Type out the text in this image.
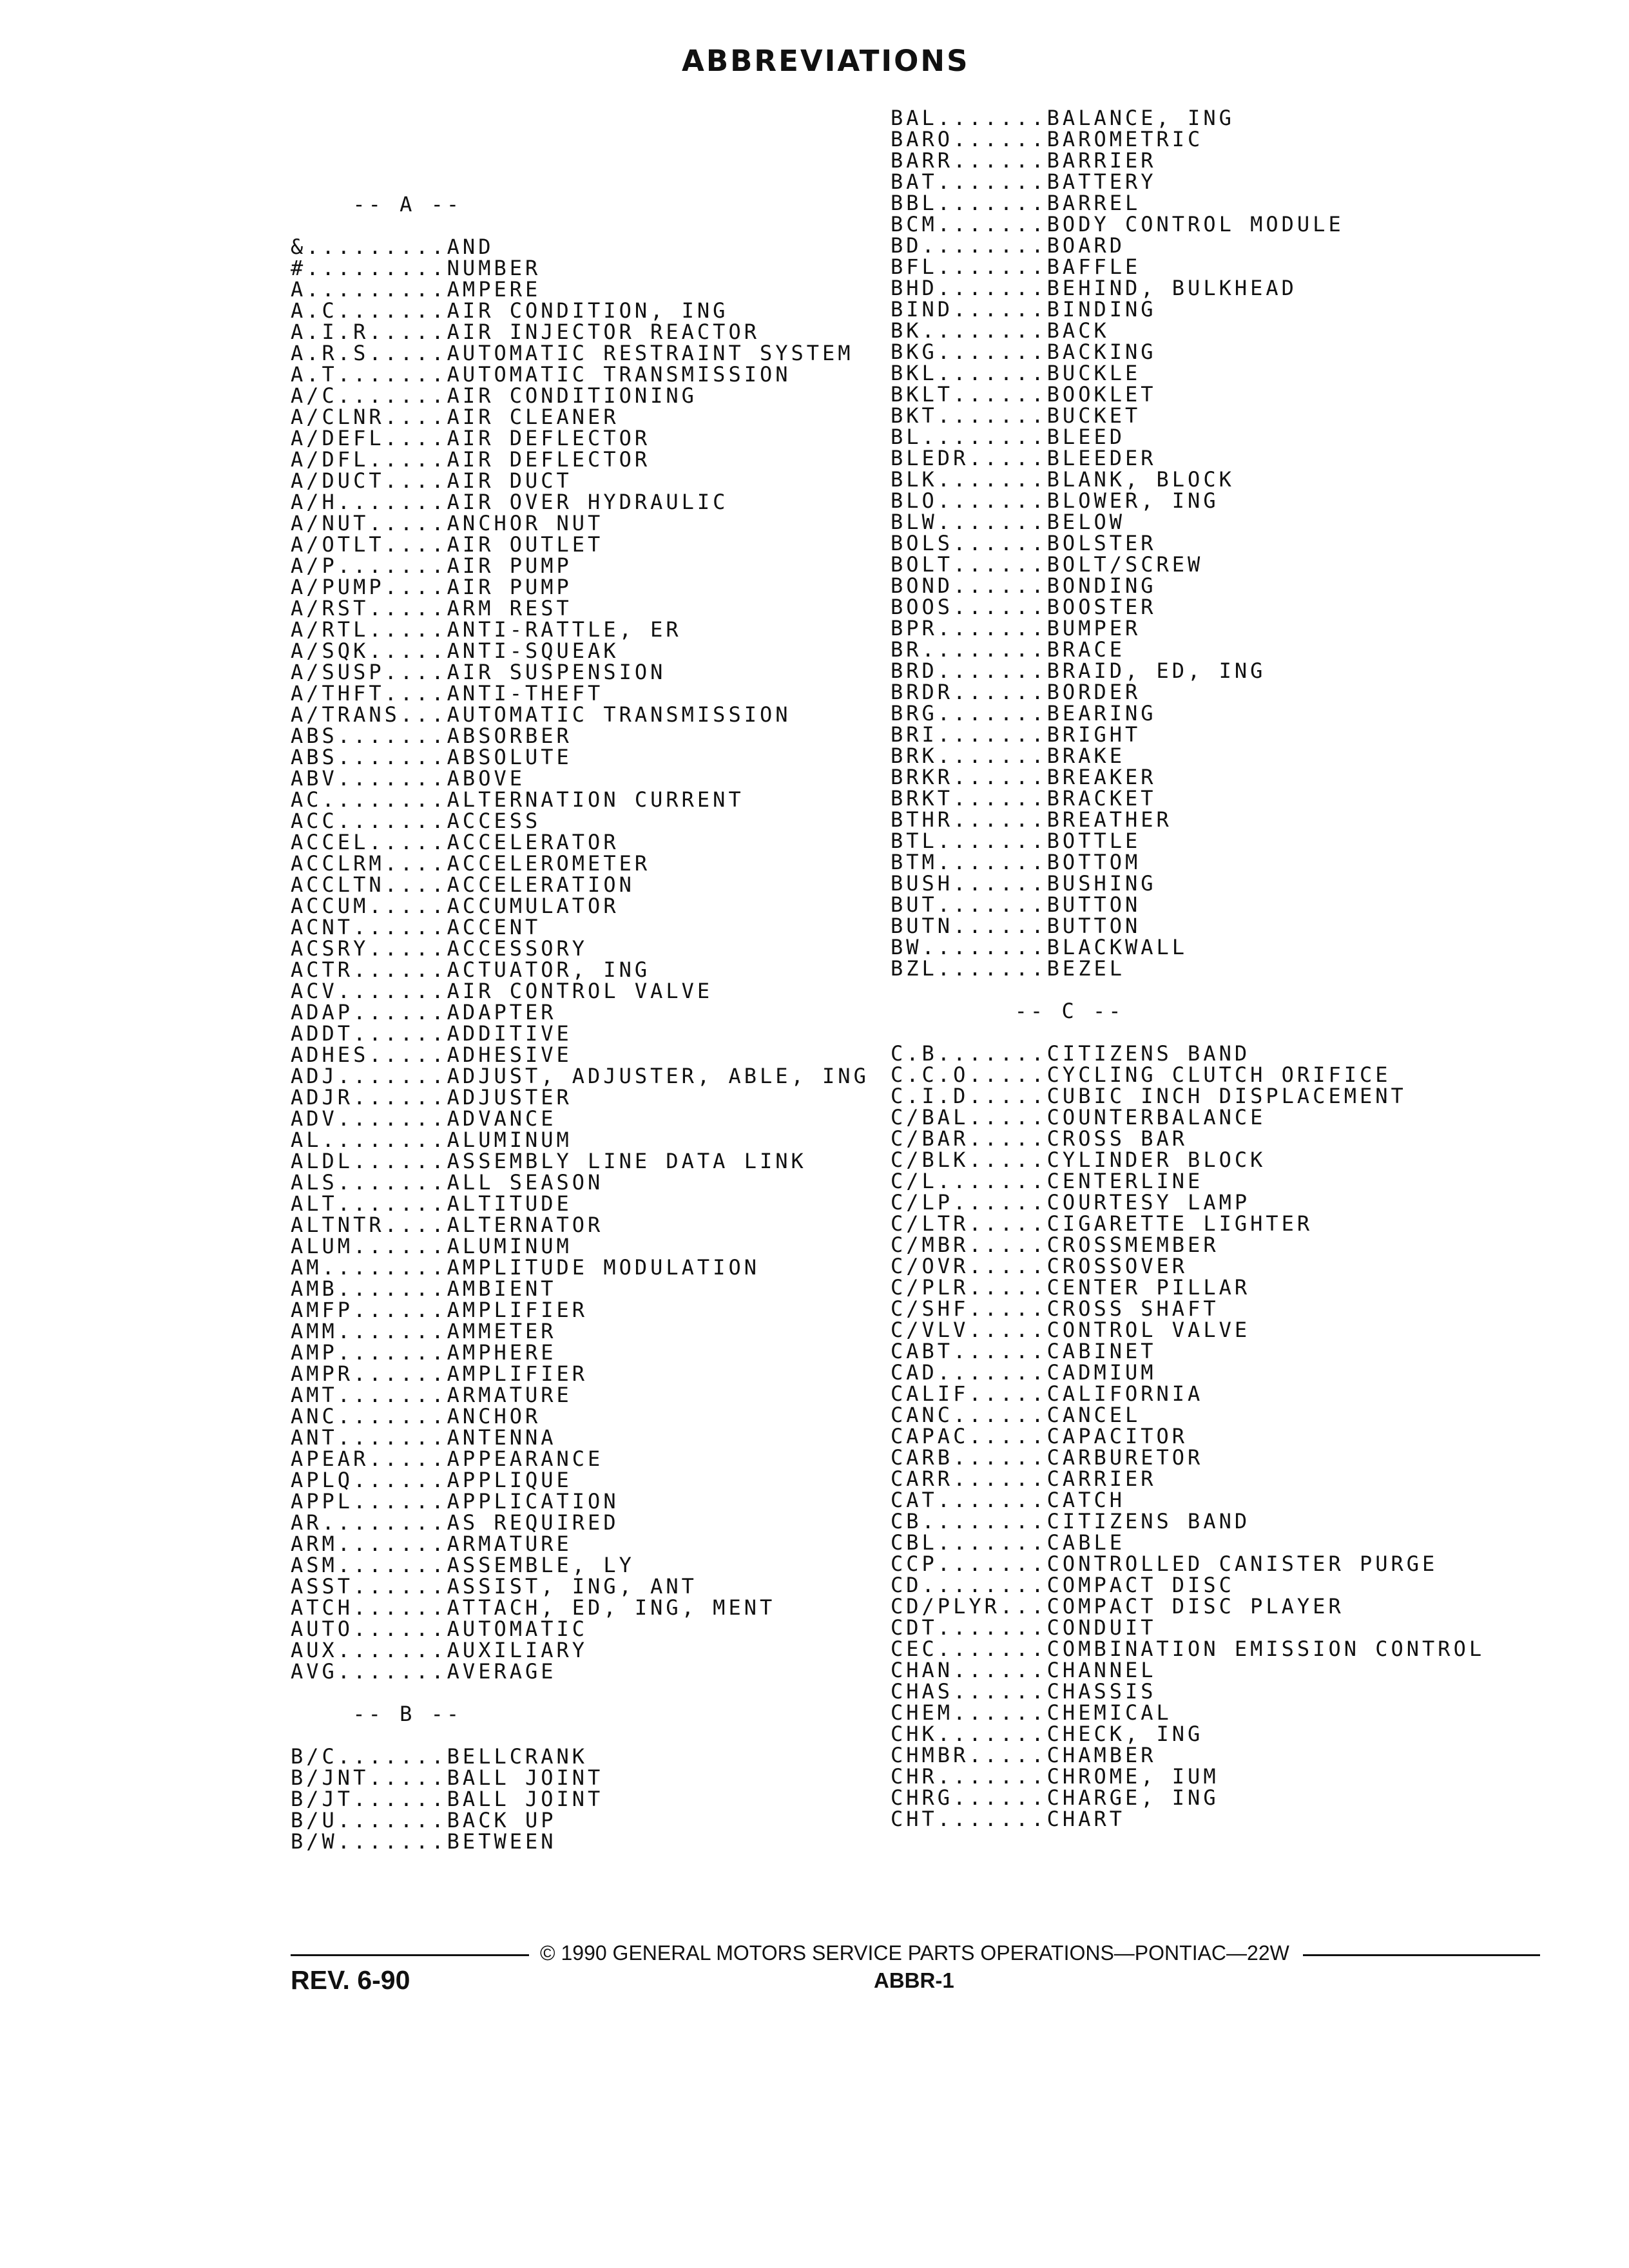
ABBREVIATIONS
-- A --
&.........AND
#.........NUMBER
A.........AMPERE
A.C.......AIR CONDITION, ING
A.I.R.....AIR INJECTOR REACTOR
A.R.S.....AUTOMATIC RESTRAINT SYSTEM
A.T.......AUTOMATIC TRANSMISSION
A/C.......AIR CONDITIONING
A/CLNR....AIR CLEANER
A/DEFL....AIR DEFLECTOR
A/DFL.....AIR DEFLECTOR
A/DUCT....AIR DUCT
A/H.......AIR OVER HYDRAULIC
A/NUT.....ANCHOR NUT
A/OTLT....AIR OUTLET
A/P.......AIR PUMP
A/PUMP....AIR PUMP
A/RST.....ARM REST
A/RTL.....ANTI-RATTLE, ER
A/SQK.....ANTI-SQUEAK
A/SUSP....AIR SUSPENSION
A/THFT....ANTI-THEFT
A/TRANS...AUTOMATIC TRANSMISSION
ABS.......ABSORBER
ABS.......ABSOLUTE
ABV.......ABOVE
AC........ALTERNATION CURRENT
ACC.......ACCESS
ACCEL.....ACCELERATOR
ACCLRM....ACCELEROMETER
ACCLTN....ACCELERATION
ACCUM.....ACCUMULATOR
ACNT......ACCENT
ACSRY.....ACCESSORY
ACTR......ACTUATOR, ING
ACV.......AIR CONTROL VALVE
ADAP......ADAPTER
ADDT......ADDITIVE
ADHES.....ADHESIVE
ADJ.......ADJUST, ADJUSTER, ABLE, ING
ADJR......ADJUSTER
ADV.......ADVANCE
AL........ALUMINUM
ALDL......ASSEMBLY LINE DATA LINK
ALS.......ALL SEASON
ALT.......ALTITUDE
ALTNTR....ALTERNATOR
ALUM......ALUMINUM
AM........AMPLITUDE MODULATION
AMB.......AMBIENT
AMFP......AMPLIFIER
AMM.......AMMETER
AMP.......AMPHERE
AMPR......AMPLIFIER
AMT.......ARMATURE
ANC.......ANCHOR
ANT.......ANTENNA
APEAR.....APPEARANCE
APLQ......APPLIQUE
APPL......APPLICATION
AR........AS REQUIRED
ARM.......ARMATURE
ASM.......ASSEMBLE, LY
ASST......ASSIST, ING, ANT
ATCH......ATTACH, ED, ING, MENT
AUTO......AUTOMATIC
AUX.......AUXILIARY
AVG.......AVERAGE
-- B --
B/C.......BELLCRANK
B/JNT.....BALL JOINT
B/JT......BALL JOINT
B/U.......BACK UP
B/W.......BETWEEN
BAL.......BALANCE, ING
BARO......BAROMETRIC
BARR......BARRIER
BAT.......BATTERY
BBL.......BARREL
BCM.......BODY CONTROL MODULE
BD........BOARD
BFL.......BAFFLE
BHD.......BEHIND, BULKHEAD
BIND......BINDING
BK........BACK
BKG.......BACKING
BKL.......BUCKLE
BKLT......BOOKLET
BKT.......BUCKET
BL........BLEED
BLEDR.....BLEEDER
BLK.......BLANK, BLOCK
BLO.......BLOWER, ING
BLW.......BELOW
BOLS......BOLSTER
BOLT......BOLT/SCREW
BOND......BONDING
BOOS......BOOSTER
BPR.......BUMPER
BR........BRACE
BRD.......BRAID, ED, ING
BRDR......BORDER
BRG.......BEARING
BRI.......BRIGHT
BRK.......BRAKE
BRKR......BREAKER
BRKT......BRACKET
BTHR......BREATHER
BTL.......BOTTLE
BTM.......BOTTOM
BUSH......BUSHING
BUT.......BUTTON
BUTN......BUTTON
BW........BLACKWALL
BZL.......BEZEL
-- C --
C.B.......CITIZENS BAND
C.C.O.....CYCLING CLUTCH ORIFICE
C.I.D.....CUBIC INCH DISPLACEMENT
C/BAL.....COUNTERBALANCE
C/BAR.....CROSS BAR
C/BLK.....CYLINDER BLOCK
C/L.......CENTERLINE
C/LP......COURTESY LAMP
C/LTR.....CIGARETTE LIGHTER
C/MBR.....CROSSMEMBER
C/OVR.....CROSSOVER
C/PLR.....CENTER PILLAR
C/SHF.....CROSS SHAFT
C/VLV.....CONTROL VALVE
CABT......CABINET
CAD.......CADMIUM
CALIF.....CALIFORNIA
CANC......CANCEL
CAPAC.....CAPACITOR
CARB......CARBURETOR
CARR......CARRIER
CAT.......CATCH
CB........CITIZENS BAND
CBL.......CABLE
CCP.......CONTROLLED CANISTER PURGE
CD........COMPACT DISC
CD/PLYR...COMPACT DISC PLAYER
CDT.......CONDUIT
CEC.......COMBINATION EMISSION CONTROL
CHAN......CHANNEL
CHAS......CHASSIS
CHEM......CHEMICAL
CHK.......CHECK, ING
CHMBR.....CHAMBER
CHR.......CHROME, IUM
CHRG......CHARGE, ING
CHT.......CHART
© 1990 GENERAL MOTORS SERVICE PARTS OPERATIONS—PONTIAC—22W
REV. 6-90	ABBR-1
